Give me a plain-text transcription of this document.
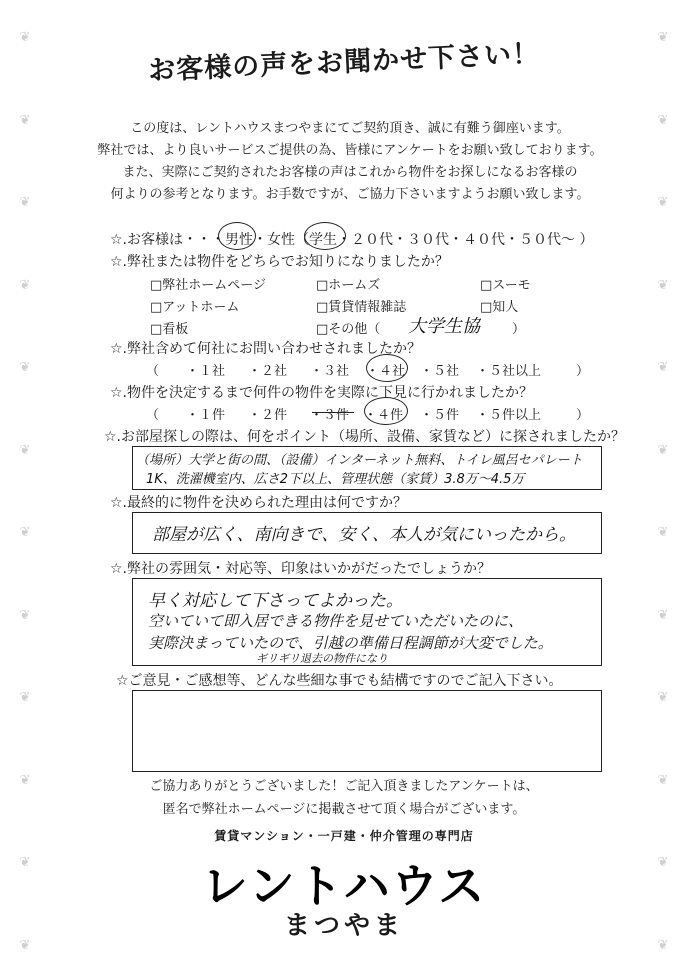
❦
❦
❦
❦
❦
❦
❦
❦
❦
❦
❦
❦
❦
❦
❦
❦
❦
❦
❦
❦
❦
❦
❦
❦
お客様の声をお聞かせ下さい！
この度は、レントハウスまつやまにてご契約頂き、誠に有難う御座います。
弊社では、より良いサービスご提供の為、皆様にアンケートをお願い致しております。
また、実際にご契約されたお客様の声はこれから物件をお探しになるお客様の
何よりの参考となります。お手数ですが、ご協力下さいますようお願い致します。
☆.お客様は・・・男性・女性（学生・２０代・３０代・４０代・５０代～ ）
☆.弊社または物件をどちらでお知りになりましたか？
□弊社ホームページ	□ホームズ	□スーモ
□アットホーム	□賃貸情報雑誌	□知人
□看板	□その他（ 大学生協 ）
☆.弊社含めて何社にお問い合わせされましたか？
（ ・１社 ・２社 ・３社 ・４社 ・５社 ・５社以上	）
☆.物件を決定するまで何件の物件を実際に下見に行かれましたか？
（ ・１件 ・２件 ・３件 ・４件 ・５件 ・５件以上	）
☆.お部屋探しの際は、何をポイント（場所、設備、家賃など）に探されましたか？
（場所）大学と街の間、（設備）インターネット無料、トイレ風呂セパレート
1K、洗濯機室内、広さ2下以上、管理状態（家賃）3.8万～4.5万
☆.最終的に物件を決められた理由は何ですか？
部屋が広く、南向きで、安く、本人が気にいったから。
☆.弊社の雰囲気・対応等、印象はいかがだったでしょうか？
早く対応して下さってよかった。
空いていて即入居できる物件を見せていただいたのに、
実際決まっていたので、引越の準備日程調節が大変でした。
ギリギリ退去の物件になり
☆ご意見・ご感想等、どんな些細な事でも結構ですのでご記入下さい。
ご協力ありがとうございました！ご記入頂きましたアンケートは、
匿名で弊社ホームページに掲載させて頂く場合がございます。
賃貸マンション・一戸建・仲介管理の専門店
レントハウス
まつやま
